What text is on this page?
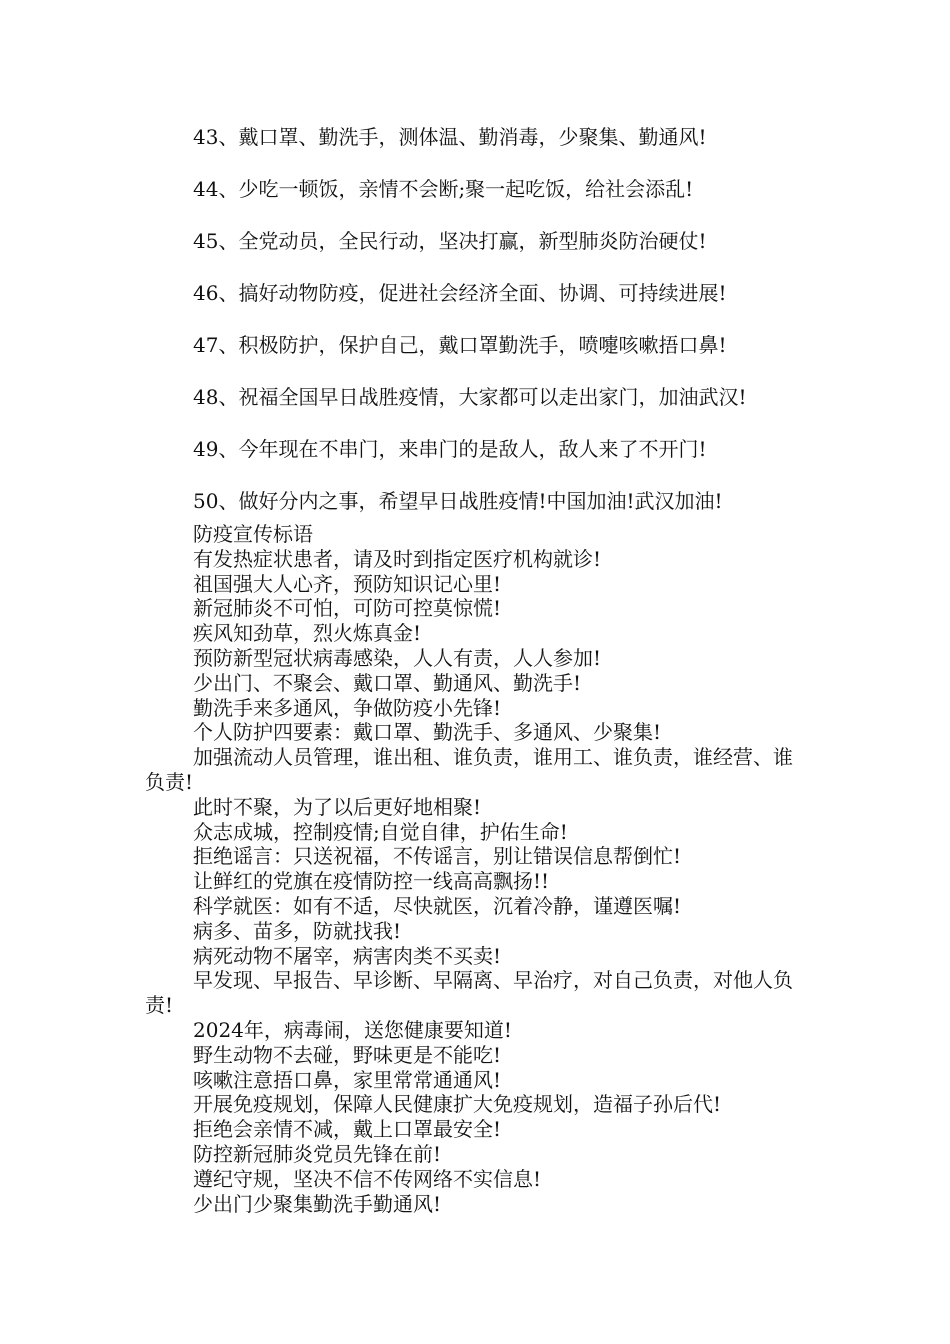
43、戴口罩、勤洗手，测体温、勤消毒，少聚集、勤通风!

44、少吃一顿饭，亲情不会断;聚一起吃饭，给社会添乱!

45、全党动员，全民行动，坚决打赢，新型肺炎防治硬仗!

46、搞好动物防疫，促进社会经济全面、协调、可持续进展!

47、积极防护，保护自己，戴口罩勤洗手，喷嚏咳嗽捂口鼻!

48、祝福全国早日战胜疫情，大家都可以走出家门，加油武汉!

49、今年现在不串门，来串门的是敌人，敌人来了不开门!

50、做好分内之事，希望早日战胜疫情!中国加油!武汉加油!

防疫宣传标语

有发热症状患者，请及时到指定医疗机构就诊!

祖国强大人心齐，预防知识记心里!

新冠肺炎不可怕，可防可控莫惊慌!

疾风知劲草，烈火炼真金!

预防新型冠状病毒感染，人人有责，人人参加!

少出门、不聚会、戴口罩、勤通风、勤洗手!

勤洗手来多通风，争做防疫小先锋!

个人防护四要素：戴口罩、勤洗手、多通风、少聚集!

加强流动人员管理，谁出租、谁负责，谁用工、谁负责，谁经营、谁负责!

此时不聚，为了以后更好地相聚!

众志成城，控制疫情;自觉自律，护佑生命!

拒绝谣言：只送祝福，不传谣言，别让错误信息帮倒忙!

让鲜红的党旗在疫情防控一线高高飘扬!!

科学就医：如有不适，尽快就医，沉着冷静，谨遵医嘱!

病多、苗多，防就找我!

病死动物不屠宰，病害肉类不买卖!

早发现、早报告、早诊断、早隔离、早治疗，对自己负责，对他人负责!

2024年，病毒闹，送您健康要知道!

野生动物不去碰，野味更是不能吃!

咳嗽注意捂口鼻，家里常常通通风!

开展免疫规划，保障人民健康扩大免疫规划，造福子孙后代!

拒绝会亲情不减，戴上口罩最安全!

防控新冠肺炎党员先锋在前!

遵纪守规，坚决不信不传网络不实信息!

少出门少聚集勤洗手勤通风!
